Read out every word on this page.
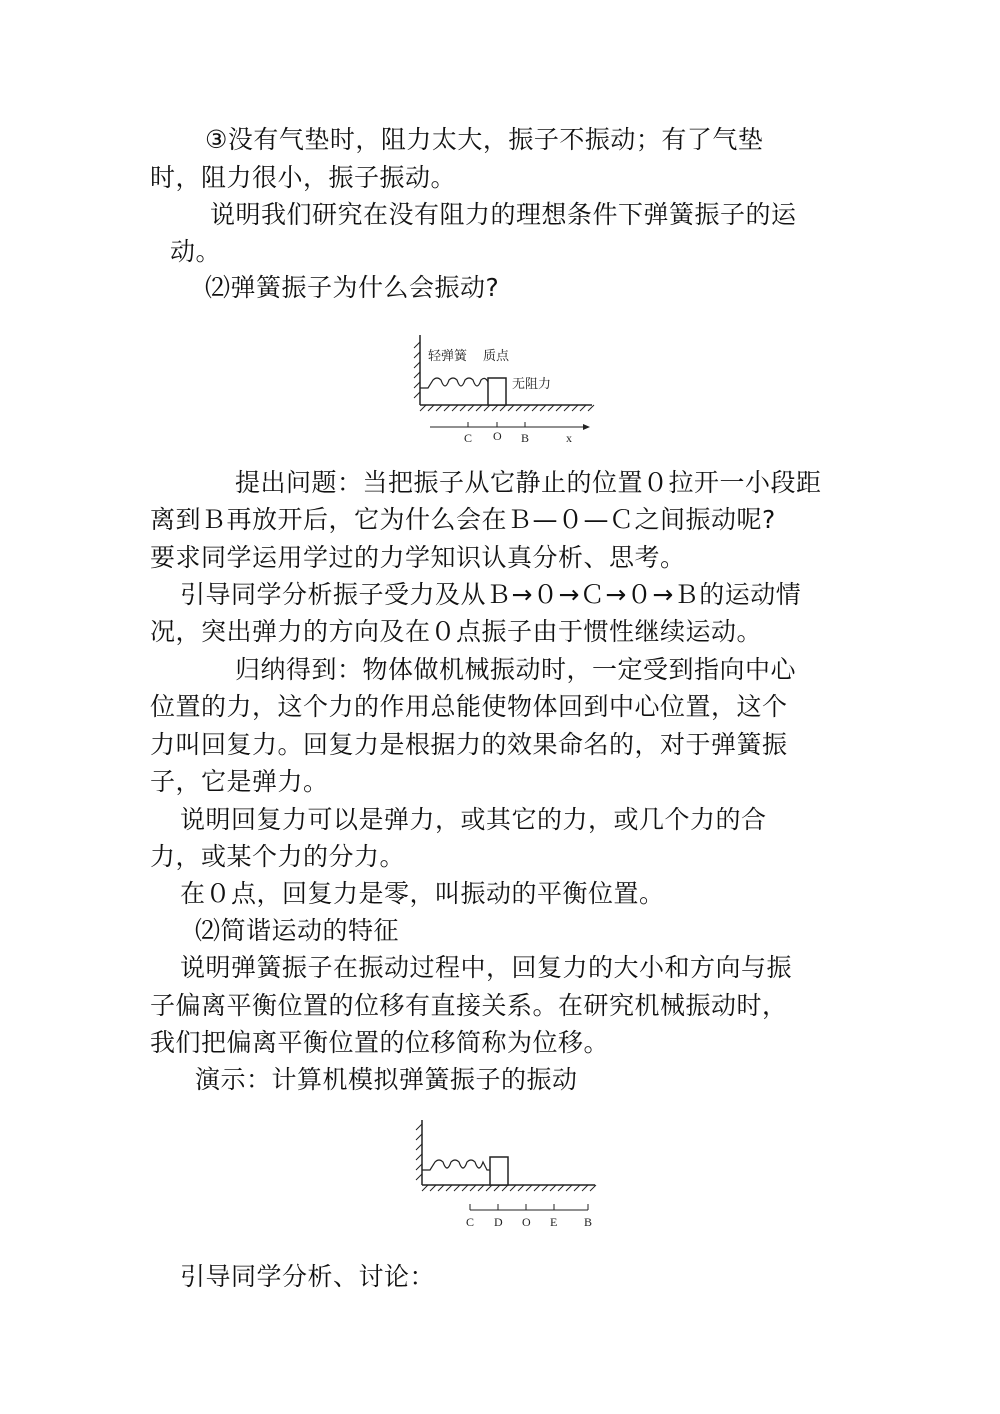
③没有气垫时，阻力太大，振子不振动；有了气垫
时，阻力很小，振子振动。
说明我们研究在没有阻力的理想条件下弹簧振子的运
动。
⑵弹簧振子为什么会振动?
提出问题：当把振子从它静止的位置０拉开一小段距
离到Ｂ再放开后，它为什么会在Ｂ—０—Ｃ之间振动呢?
要求同学运用学过的力学知识认真分析、思考。
引导同学分析振子受力及从Ｂ→０→Ｃ→０→Ｂ的运动情
况，突出弹力的方向及在０点振子由于惯性继续运动。
归纳得到：物体做机械振动时，一定受到指向中心
位置的力，这个力的作用总能使物体回到中心位置，这个
力叫回复力。回复力是根据力的效果命名的，对于弹簧振
子，它是弹力。
说明回复力可以是弹力，或其它的力，或几个力的合
力，或某个力的分力。
在０点，回复力是零，叫振动的平衡位置。
⑵简谐运动的特征
说明弹簧振子在振动过程中，回复力的大小和方向与振
子偏离平衡位置的位移有直接关系。在研究机械振动时，
我们把偏离平衡位置的位移简称为位移。
演示：计算机模拟弹簧振子的振动
引导同学分析、讨论：
轻弹簧 质点
无阻力
C O B	x
C D O E B
